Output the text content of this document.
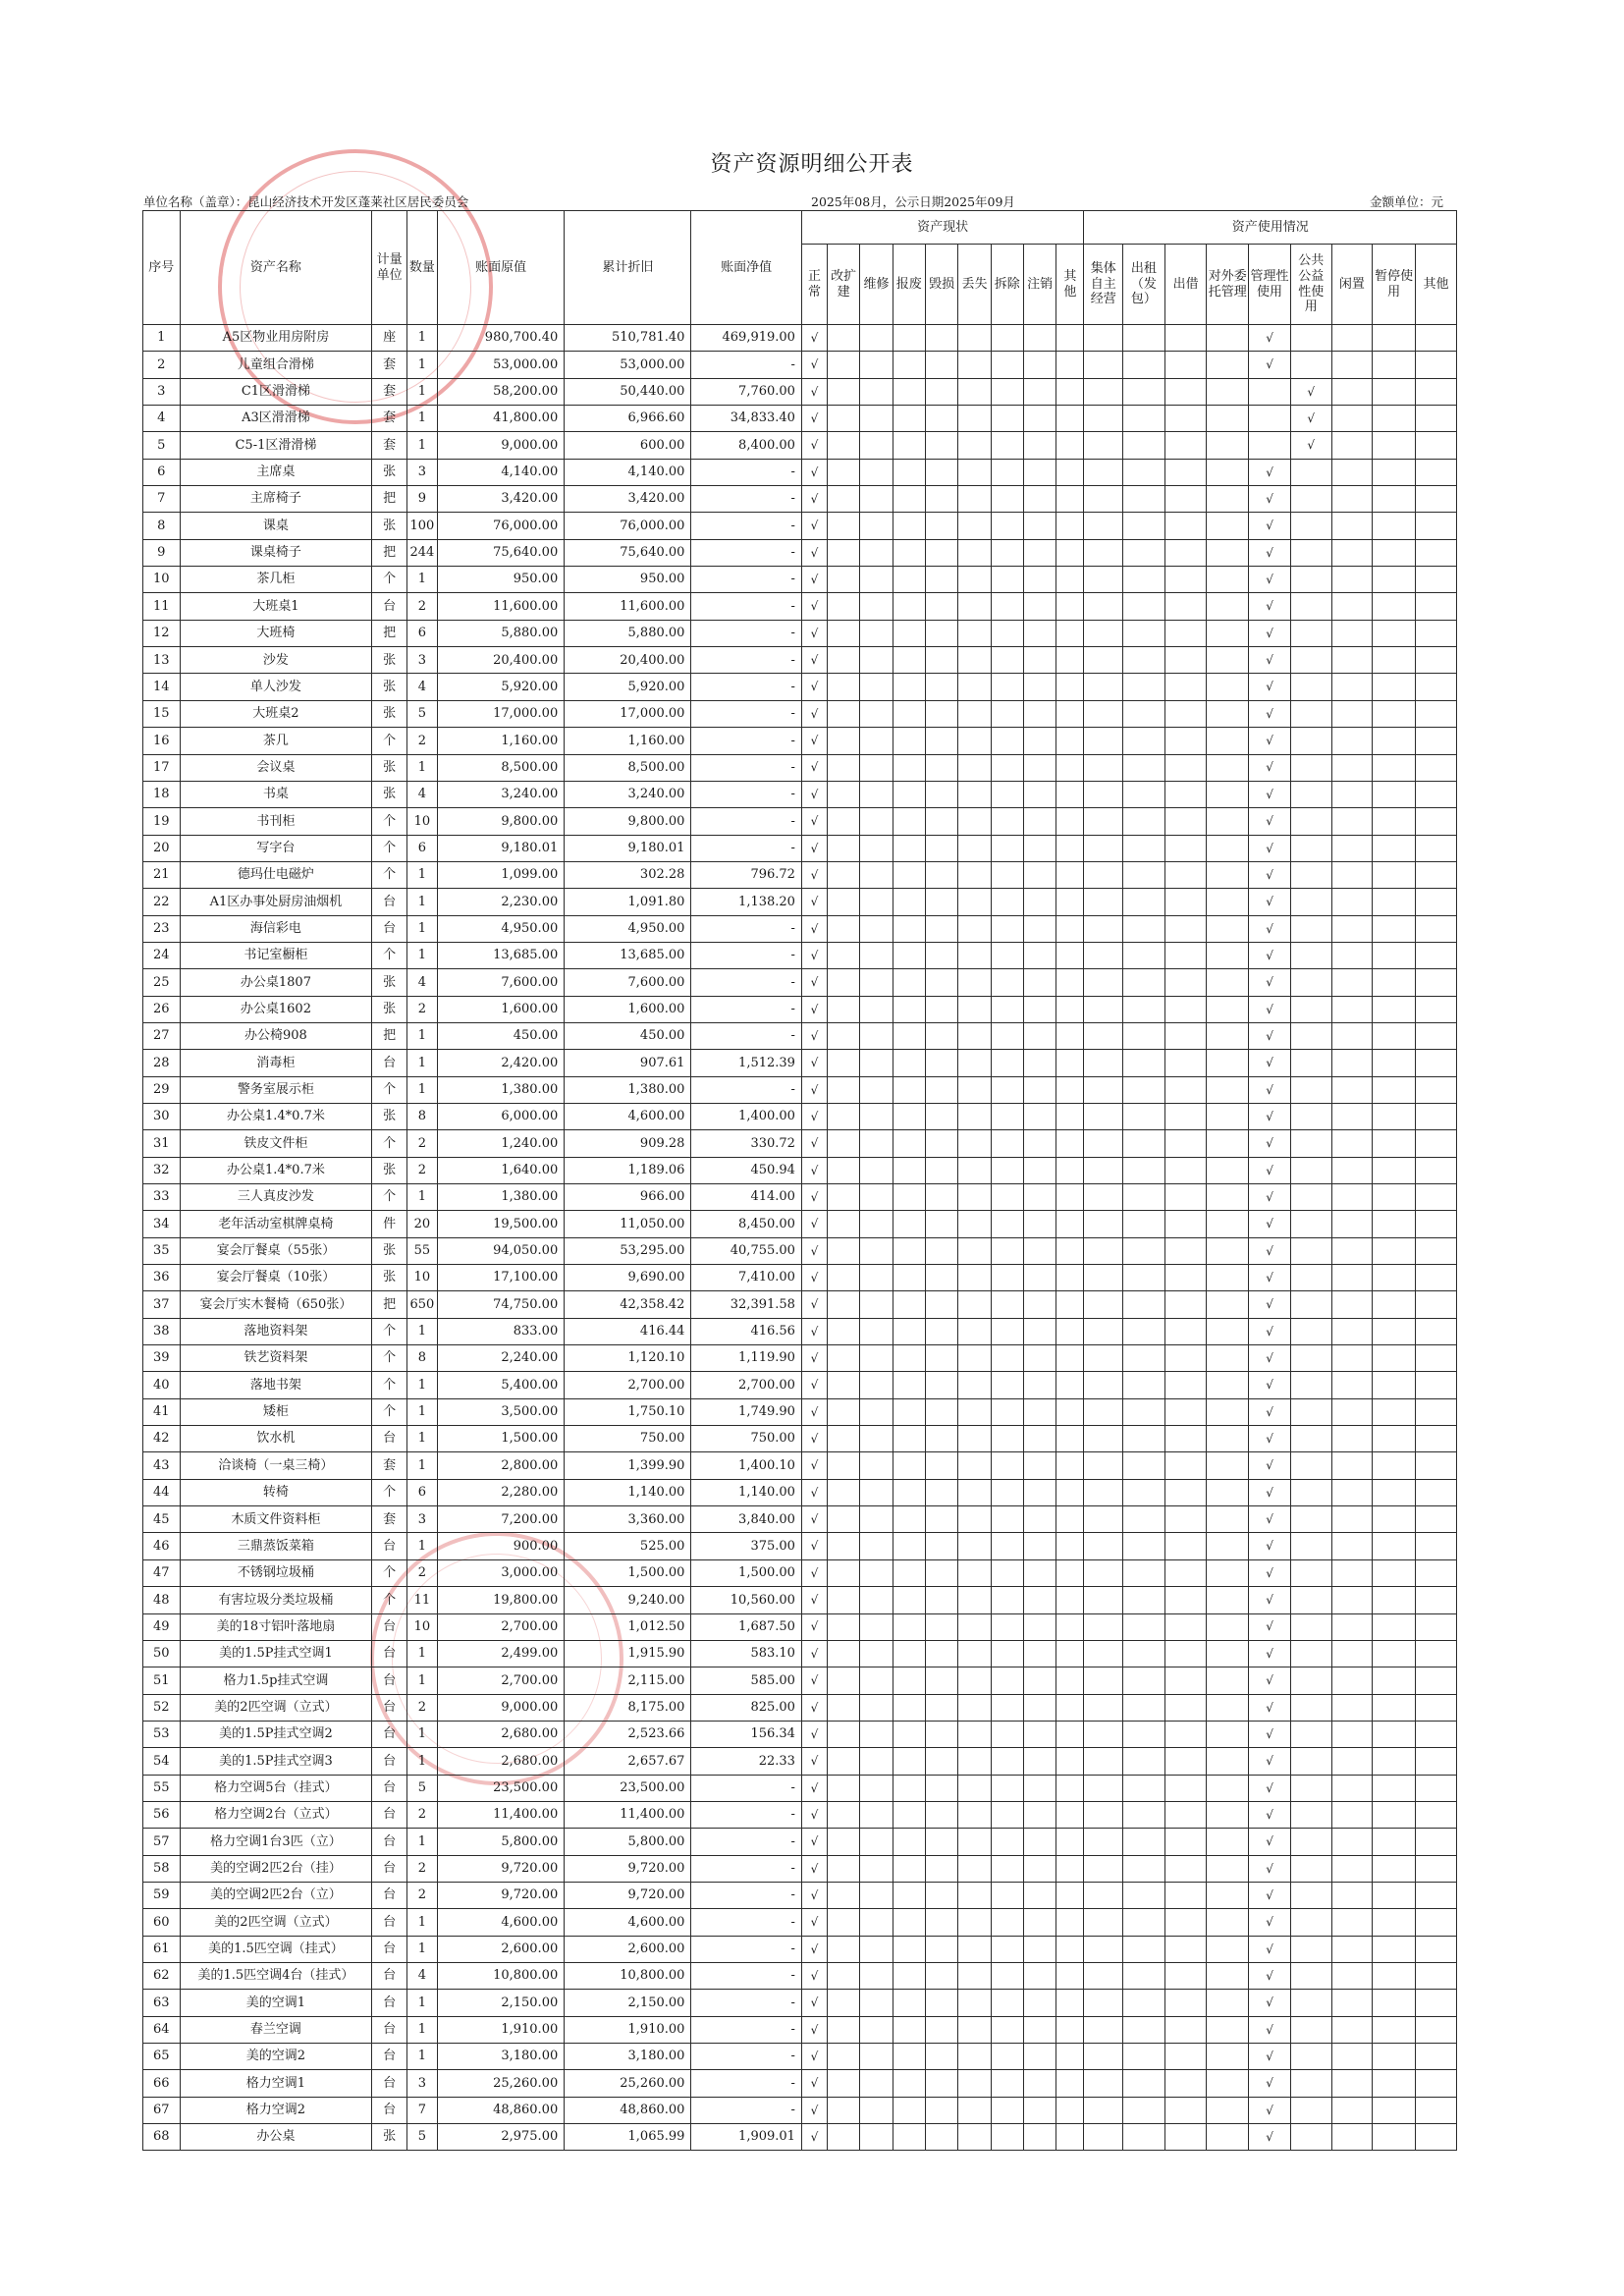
资产资源明细公开表
单位名称（盖章）：昆山经济技术开发区蓬莱社区居民委员会	2025年08月，公示日期2025年09月	金额单位：元
序号	资产名称	计量单位	数量	账面原值	累计折旧	账面净值	资产现状									资产使用情况								
							正常	改扩建	维修	报废	毁损	丢失	拆除	注销	其他	集体自主经营	出租（发包）	出借	对外委托管理	管理性使用	公共公益性使用	闲置	暂停使用	其他
1	A5区物业用房附房	座	1	980,700.40	510,781.40	469,919.00	√													√				
2	儿童组合滑梯	套	1	53,000.00	53,000.00	-	√													√				
3	C1区滑滑梯	套	1	58,200.00	50,440.00	7,760.00	√														√			
4	A3区滑滑梯	套	1	41,800.00	6,966.60	34,833.40	√														√			
5	C5-1区滑滑梯	套	1	9,000.00	600.00	8,400.00	√														√			
6	主席桌	张	3	4,140.00	4,140.00	-	√													√				
7	主席椅子	把	9	3,420.00	3,420.00	-	√													√				
8	课桌	张	100	76,000.00	76,000.00	-	√													√				
9	课桌椅子	把	244	75,640.00	75,640.00	-	√													√				
10	茶几柜	个	1	950.00	950.00	-	√													√				
11	大班桌1	台	2	11,600.00	11,600.00	-	√													√				
12	大班椅	把	6	5,880.00	5,880.00	-	√													√				
13	沙发	张	3	20,400.00	20,400.00	-	√													√				
14	单人沙发	张	4	5,920.00	5,920.00	-	√													√				
15	大班桌2	张	5	17,000.00	17,000.00	-	√													√				
16	茶几	个	2	1,160.00	1,160.00	-	√													√				
17	会议桌	张	1	8,500.00	8,500.00	-	√													√				
18	书桌	张	4	3,240.00	3,240.00	-	√													√				
19	书刊柜	个	10	9,800.00	9,800.00	-	√													√				
20	写字台	个	6	9,180.01	9,180.01	-	√													√				
21	德玛仕电磁炉	个	1	1,099.00	302.28	796.72	√													√				
22	A1区办事处厨房油烟机	台	1	2,230.00	1,091.80	1,138.20	√													√				
23	海信彩电	台	1	4,950.00	4,950.00	-	√													√				
24	书记室橱柜	个	1	13,685.00	13,685.00	-	√													√				
25	办公桌1807	张	4	7,600.00	7,600.00	-	√													√				
26	办公桌1602	张	2	1,600.00	1,600.00	-	√													√				
27	办公椅908	把	1	450.00	450.00	-	√													√				
28	消毒柜	台	1	2,420.00	907.61	1,512.39	√													√				
29	警务室展示柜	个	1	1,380.00	1,380.00	-	√													√				
30	办公桌1.4*0.7米	张	8	6,000.00	4,600.00	1,400.00	√													√				
31	铁皮文件柜	个	2	1,240.00	909.28	330.72	√													√				
32	办公桌1.4*0.7米	张	2	1,640.00	1,189.06	450.94	√													√				
33	三人真皮沙发	个	1	1,380.00	966.00	414.00	√													√				
34	老年活动室棋牌桌椅	件	20	19,500.00	11,050.00	8,450.00	√													√				
35	宴会厅餐桌（55张）	张	55	94,050.00	53,295.00	40,755.00	√													√				
36	宴会厅餐桌（10张）	张	10	17,100.00	9,690.00	7,410.00	√													√				
37	宴会厅实木餐椅（650张）	把	650	74,750.00	42,358.42	32,391.58	√													√				
38	落地资料架	个	1	833.00	416.44	416.56	√													√				
39	铁艺资料架	个	8	2,240.00	1,120.10	1,119.90	√													√				
40	落地书架	个	1	5,400.00	2,700.00	2,700.00	√													√				
41	矮柜	个	1	3,500.00	1,750.10	1,749.90	√													√				
42	饮水机	台	1	1,500.00	750.00	750.00	√													√				
43	洽谈椅（一桌三椅）	套	1	2,800.00	1,399.90	1,400.10	√													√				
44	转椅	个	6	2,280.00	1,140.00	1,140.00	√													√				
45	木质文件资料柜	套	3	7,200.00	3,360.00	3,840.00	√													√				
46	三鼎蒸饭菜箱	台	1	900.00	525.00	375.00	√													√				
47	不锈钢垃圾桶	个	2	3,000.00	1,500.00	1,500.00	√													√				
48	有害垃圾分类垃圾桶	个	11	19,800.00	9,240.00	10,560.00	√													√				
49	美的18寸铝叶落地扇	台	10	2,700.00	1,012.50	1,687.50	√													√				
50	美的1.5P挂式空调1	台	1	2,499.00	1,915.90	583.10	√													√				
51	格力1.5p挂式空调	台	1	2,700.00	2,115.00	585.00	√													√				
52	美的2匹空调（立式）	台	2	9,000.00	8,175.00	825.00	√													√				
53	美的1.5P挂式空调2	台	1	2,680.00	2,523.66	156.34	√													√				
54	美的1.5P挂式空调3	台	1	2,680.00	2,657.67	22.33	√													√				
55	格力空调5台（挂式）	台	5	23,500.00	23,500.00	-	√													√				
56	格力空调2台（立式）	台	2	11,400.00	11,400.00	-	√													√				
57	格力空调1台3匹（立）	台	1	5,800.00	5,800.00	-	√													√				
58	美的空调2匹2台（挂）	台	2	9,720.00	9,720.00	-	√													√				
59	美的空调2匹2台（立）	台	2	9,720.00	9,720.00	-	√													√				
60	美的2匹空调（立式）	台	1	4,600.00	4,600.00	-	√													√				
61	美的1.5匹空调（挂式）	台	1	2,600.00	2,600.00	-	√													√				
62	美的1.5匹空调4台（挂式）	台	4	10,800.00	10,800.00	-	√													√				
63	美的空调1	台	1	2,150.00	2,150.00	-	√													√				
64	春兰空调	台	1	1,910.00	1,910.00	-	√													√				
65	美的空调2	台	1	3,180.00	3,180.00	-	√													√				
66	格力空调1	台	3	25,260.00	25,260.00	-	√													√				
67	格力空调2	台	7	48,860.00	48,860.00	-	√													√				
68	办公桌	张	5	2,975.00	1,065.99	1,909.01	√													√				
